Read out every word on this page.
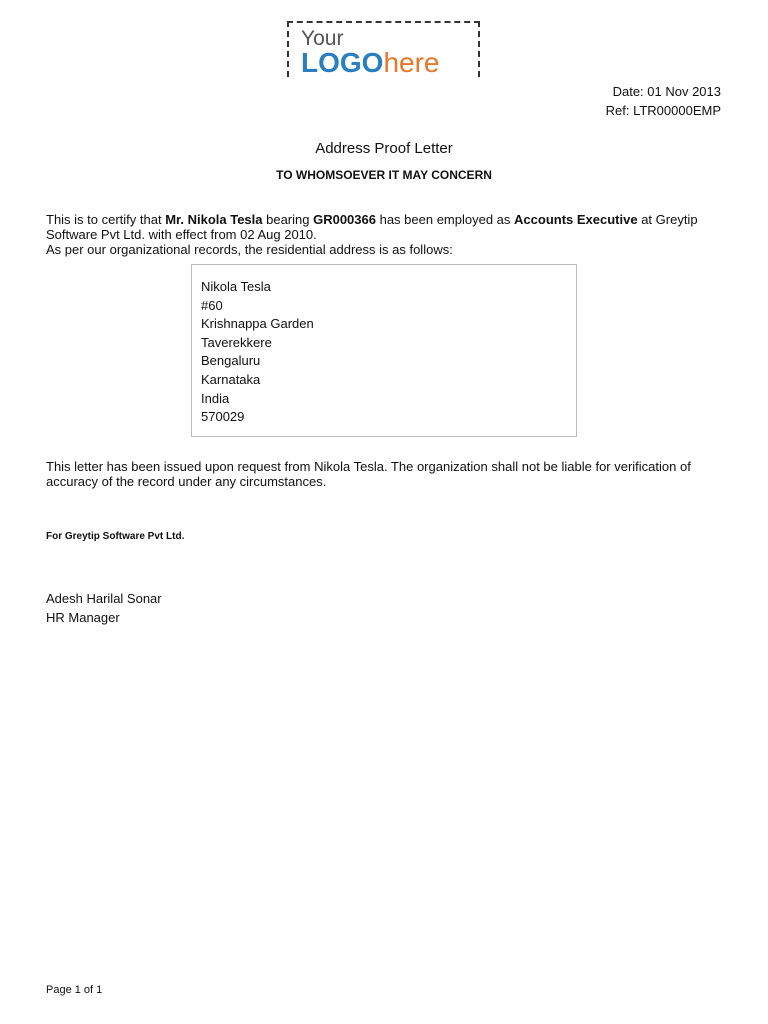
Your
LOGOhere
Date: 01 Nov 2013
Ref: LTR00000EMP
Address Proof Letter
TO WHOMSOEVER IT MAY CONCERN
This is to certify that Mr. Nikola Tesla bearing GR000366 has been employed as Accounts Executive at Greytip Software Pvt Ltd. with effect from 02 Aug 2010.
As per our organizational records, the residential address is as follows:
Nikola Tesla
#60
Krishnappa Garden
Taverekkere
Bengaluru
Karnataka
India
570029
This letter has been issued upon request from Nikola Tesla. The organization shall not be liable for verification of accuracy of the record under any circumstances.
For Greytip Software Pvt Ltd.
Adesh Harilal Sonar
HR Manager
Page 1 of 1
